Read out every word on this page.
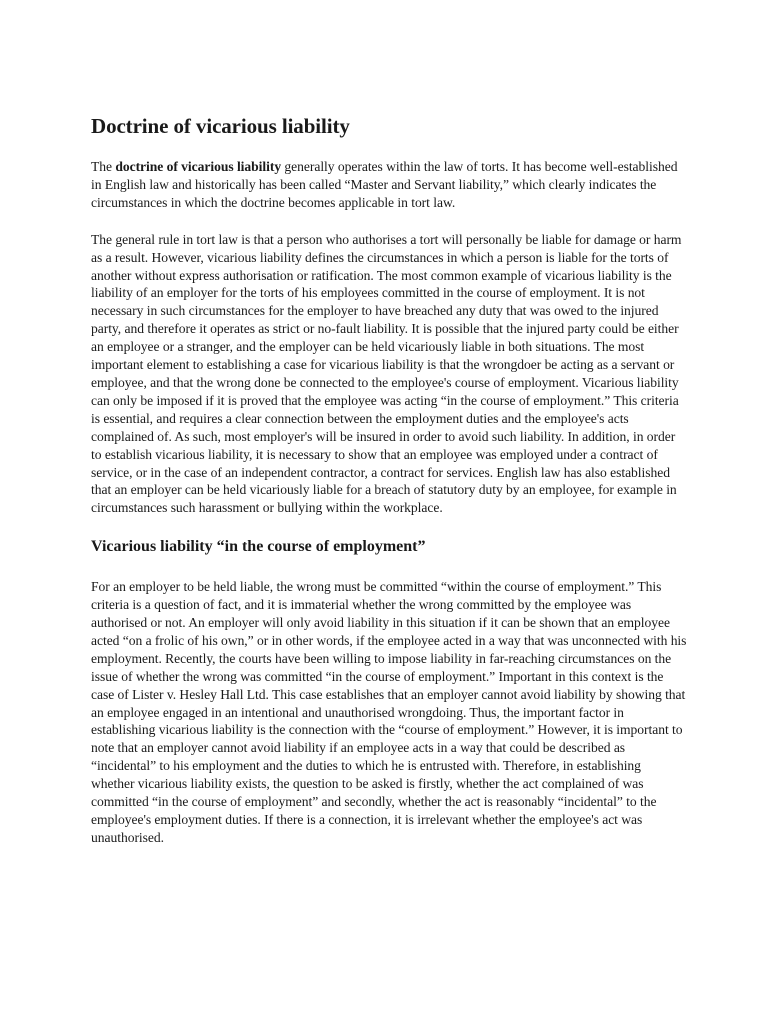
Doctrine of vicarious liability

The doctrine of vicarious liability generally operates within the law of torts. It has become well-established in English law and historically has been called “Master and Servant liability,” which clearly indicates the circumstances in which the doctrine becomes applicable in tort law.

The general rule in tort law is that a person who authorises a tort will personally be liable for damage or harm as a result. However, vicarious liability defines the circumstances in which a person is liable for the torts of another without express authorisation or ratification. The most common example of vicarious liability is the liability of an employer for the torts of his employees committed in the course of employment. It is not necessary in such circumstances for the employer to have breached any duty that was owed to the injured party, and therefore it operates as strict or no-fault liability. It is possible that the injured party could be either an employee or a stranger, and the employer can be held vicariously liable in both situations. The most important element to establishing a case for vicarious liability is that the wrongdoer be acting as a servant or employee, and that the wrong done be connected to the employee's course of employment. Vicarious liability can only be imposed if it is proved that the employee was acting “in the course of employment.” This criteria is essential, and requires a clear connection between the employment duties and the employee's acts complained of. As such, most employer's will be insured in order to avoid such liability. In addition, in order to establish vicarious liability, it is necessary to show that an employee was employed under a contract of service, or in the case of an independent contractor, a contract for services. English law has also established that an employer can be held vicariously liable for a breach of statutory duty by an employee, for example in circumstances such harassment or bullying within the workplace.

Vicarious liability “in the course of employment”

For an employer to be held liable, the wrong must be committed “within the course of employment.” This criteria is a question of fact, and it is immaterial whether the wrong committed by the employee was authorised or not. An employer will only avoid liability in this situation if it can be shown that an employee acted “on a frolic of his own,” or in other words, if the employee acted in a way that was unconnected with his employment. Recently, the courts have been willing to impose liability in far-reaching circumstances on the issue of whether the wrong was committed “in the course of employment.” Important in this context is the case of Lister v. Hesley Hall Ltd. This case establishes that an employer cannot avoid liability by showing that an employee engaged in an intentional and unauthorised wrongdoing. Thus, the important factor in establishing vicarious liability is the connection with the “course of employment.” However, it is important to note that an employer cannot avoid liability if an employee acts in a way that could be described as “incidental” to his employment and the duties to which he is entrusted with. Therefore, in establishing whether vicarious liability exists, the question to be asked is firstly, whether the act complained of was committed “in the course of employment” and secondly, whether the act is reasonably “incidental” to the employee's employment duties. If there is a connection, it is irrelevant whether the employee's act was unauthorised.
